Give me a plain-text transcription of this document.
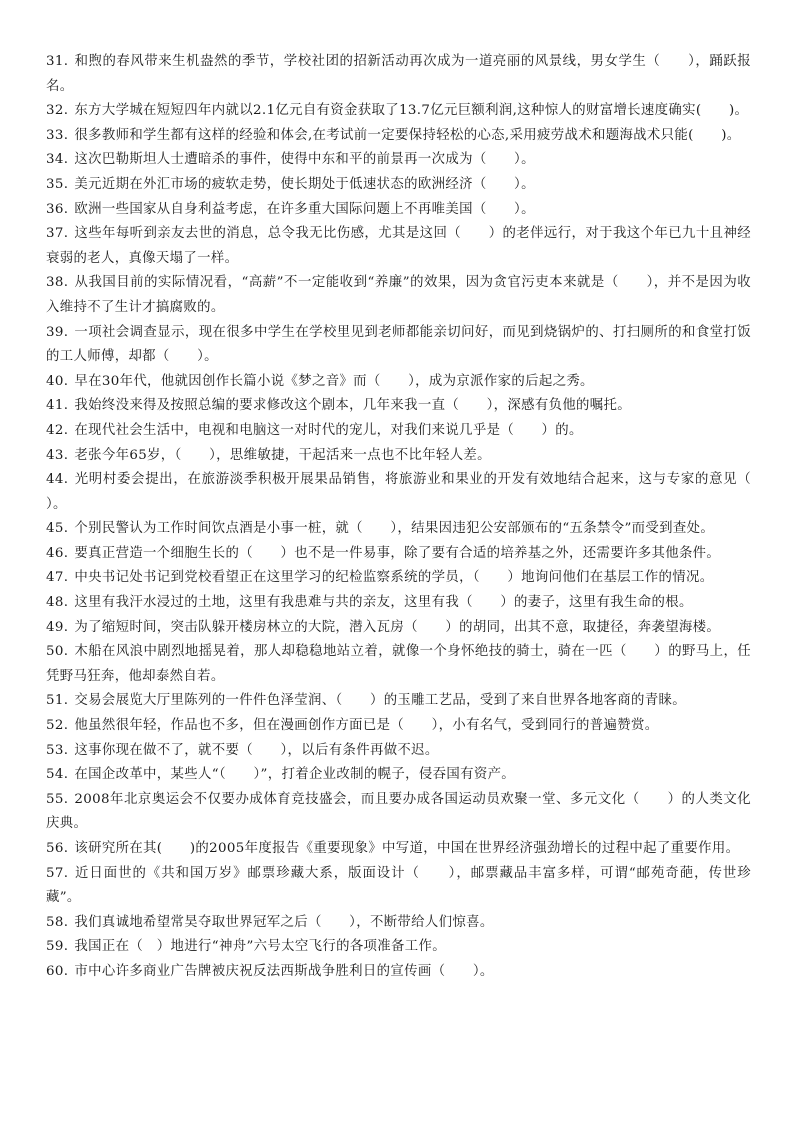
31. 和煦的春风带来生机盎然的季节，学校社团的招新活动再次成为一道亮丽的风景线，男女学生（　　），踊跃报名。

32. 东方大学城在短短四年内就以2.1亿元自有资金获取了13.7亿元巨额利润,这种惊人的财富增长速度确实(　　)。

33. 很多教师和学生都有这样的经验和体会,在考试前一定要保持轻松的心态,采用疲劳战术和题海战术只能(　　)。

34. 这次巴勒斯坦人士遭暗杀的事件，使得中东和平的前景再一次成为（　　）。

35. 美元近期在外汇市场的疲软走势，使长期处于低速状态的欧洲经济（　　）。

36. 欧洲一些国家从自身利益考虑，在许多重大国际问题上不再唯美国（　　）。

37. 这些年每听到亲友去世的消息，总令我无比伤感，尤其是这回（　　）的老伴远行，对于我这个年已九十且神经衰弱的老人，真像天塌了一样。

38. 从我国目前的实际情况看，“高薪”不一定能收到“养廉”的效果，因为贪官污吏本来就是（　　），并不是因为收入维持不了生计才搞腐败的。

39. 一项社会调查显示，现在很多中学生在学校里见到老师都能亲切问好，而见到烧锅炉的、打扫厕所的和食堂打饭的工人师傅，却都（　　）。

40. 早在30年代，他就因创作长篇小说《梦之音》而（　　），成为京派作家的后起之秀。

41. 我始终没来得及按照总编的要求修改这个剧本，几年来我一直（　　），深感有负他的嘱托。

42. 在现代社会生活中，电视和电脑这一对时代的宠儿，对我们来说几乎是（　　）的。

43. 老张今年65岁，（　　），思维敏捷，干起活来一点也不比年轻人差。

44. 光明村委会提出，在旅游淡季积极开展果品销售，将旅游业和果业的开发有效地结合起来，这与专家的意见（　　）。

45. 个别民警认为工作时间饮点酒是小事一桩，就（　　），结果因违犯公安部颁布的“五条禁令”而受到查处。

46. 要真正营造一个细胞生长的（　　）也不是一件易事，除了要有合适的培养基之外，还需要许多其他条件。

47. 中央书记处书记到党校看望正在这里学习的纪检监察系统的学员，（　　）地询问他们在基层工作的情况。

48. 这里有我汗水浸过的土地，这里有我患难与共的亲友，这里有我（　　）的妻子，这里有我生命的根。

49. 为了缩短时间，突击队躲开楼房林立的大院，潜入瓦房（　　）的胡同，出其不意，取捷径，奔袭望海楼。

50. 木船在风浪中剧烈地摇晃着，那人却稳稳地站立着，就像一个身怀绝技的骑士，骑在一匹（　　）的野马上，任凭野马狂奔，他却泰然自若。

51. 交易会展览大厅里陈列的一件件色泽莹润、（　　）的玉雕工艺品，受到了来自世界各地客商的青睐。

52. 他虽然很年轻，作品也不多，但在漫画创作方面已是（　　），小有名气，受到同行的普遍赞赏。

53. 这事你现在做不了，就不要（　　），以后有条件再做不迟。

54. 在国企改革中，某些人“（　　）”，打着企业改制的幌子，侵吞国有资产。

55. 2008年北京奥运会不仅要办成体育竞技盛会，而且要办成各国运动员欢聚一堂、多元文化（　　）的人类文化庆典。

56. 该研究所在其(　　)的2005年度报告《重要现象》中写道，中国在世界经济强劲增长的过程中起了重要作用。

57. 近日面世的《共和国万岁》邮票珍藏大系，版面设计（　　），邮票藏品丰富多样，可谓“邮苑奇葩，传世珍藏”。

58. 我们真诚地希望常昊夺取世界冠军之后（　　），不断带给人们惊喜。

59. 我国正在（　）地进行“神舟”六号太空飞行的各项准备工作。

60. 市中心许多商业广告牌被庆祝反法西斯战争胜利日的宣传画（　　）。
